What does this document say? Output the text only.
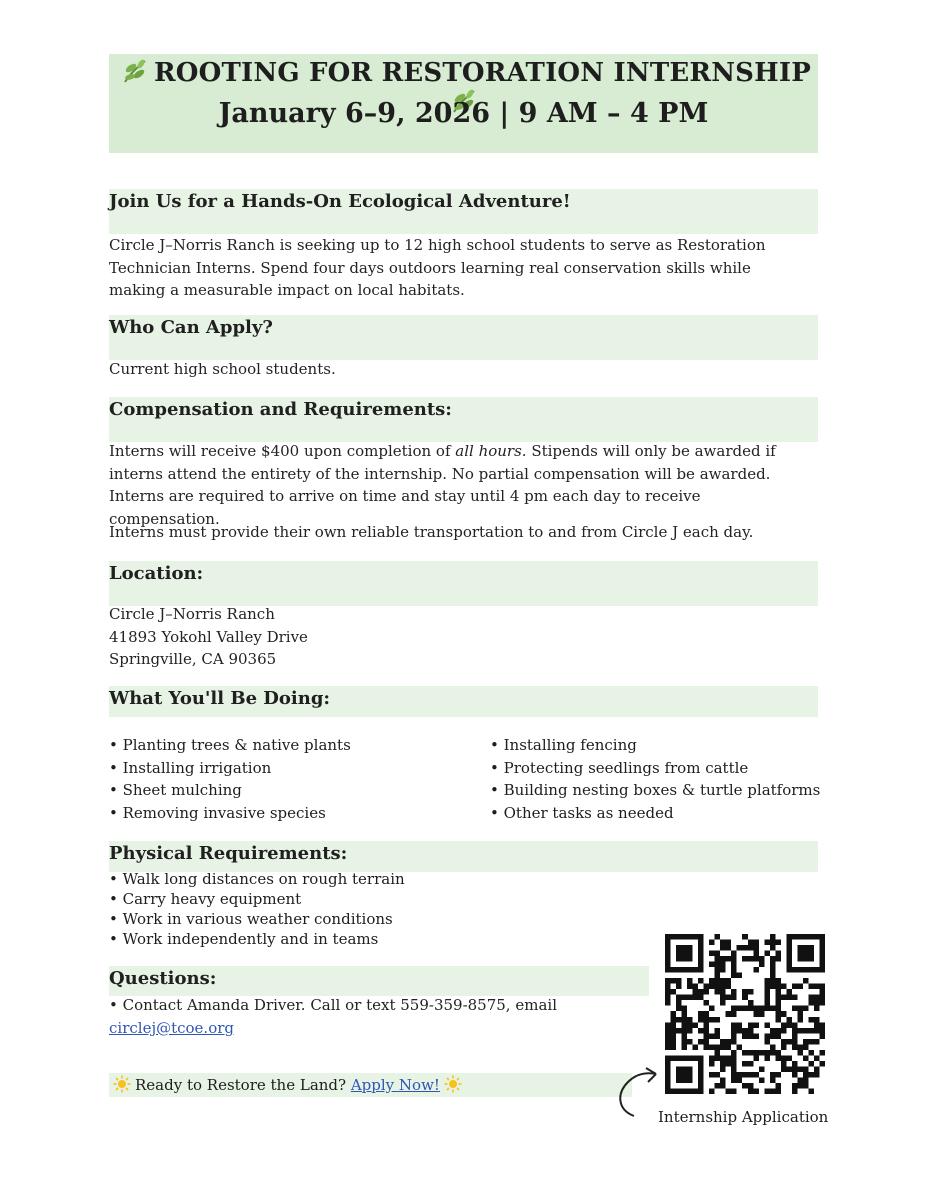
ROOTING FOR RESTORATION INTERNSHIP
January 6–9, 2026 | 9 AM – 4 PM
Join Us for a Hands-On Ecological Adventure!

Circle J–Norris Ranch is seeking up to 12 high school students to serve as Restoration Technician Interns. Spend four days outdoors learning real conservation skills while making a measurable impact on local habitats.

Who Can Apply?

Current high school students.

Compensation and Requirements:

Interns will receive $400 upon completion of all hours. Stipends will only be awarded if interns attend the entirety of the internship. No partial compensation will be awarded. Interns are required to arrive on time and stay until 4 pm each day to receive compensation.

Interns must provide their own reliable transportation to and from Circle J each day.

Location:
Circle J–Norris Ranch
41893 Yokohl Valley Drive
Springville, CA 90365
What You'll Be Doing:
• Planting trees & native plants
• Installing irrigation
• Sheet mulching
• Removing invasive species
• Installing fencing
• Protecting seedlings from cattle
• Building nesting boxes & turtle platforms
• Other tasks as needed
Physical Requirements:
• Walk long distances on rough terrain
• Carry heavy equipment
• Work in various weather conditions
• Work independently and in teams
Questions:
• Contact Amanda Driver. Call or text 559-359-8575, email circlej@tcoe.org
Ready to Restore the Land? Apply Now!
Internship Application
